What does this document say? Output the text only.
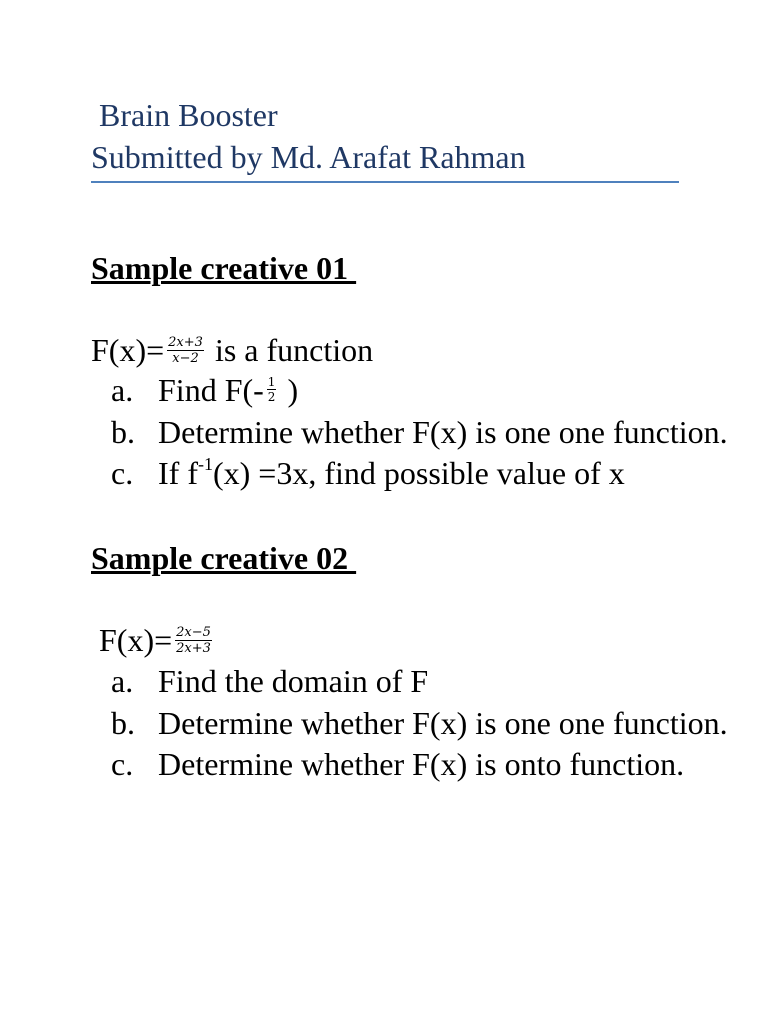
Brain Booster
Submitted by Md. Arafat Rahman
Sample creative 01
$F(x)= \frac{2x+3}{x-2}$ is a function
a. Find $F(- \frac{1}{2}$ )
b. Determine whether F(x) is one one function.
c. If $f^{-1}(x) =3x$, find possible value of x
Sample creative 02
$F(x)= \frac{2x-5}{2x+3}$
a. Find the domain of F
b. Determine whether F(x) is one one function.
c. Determine whether F(x) is onto function.
